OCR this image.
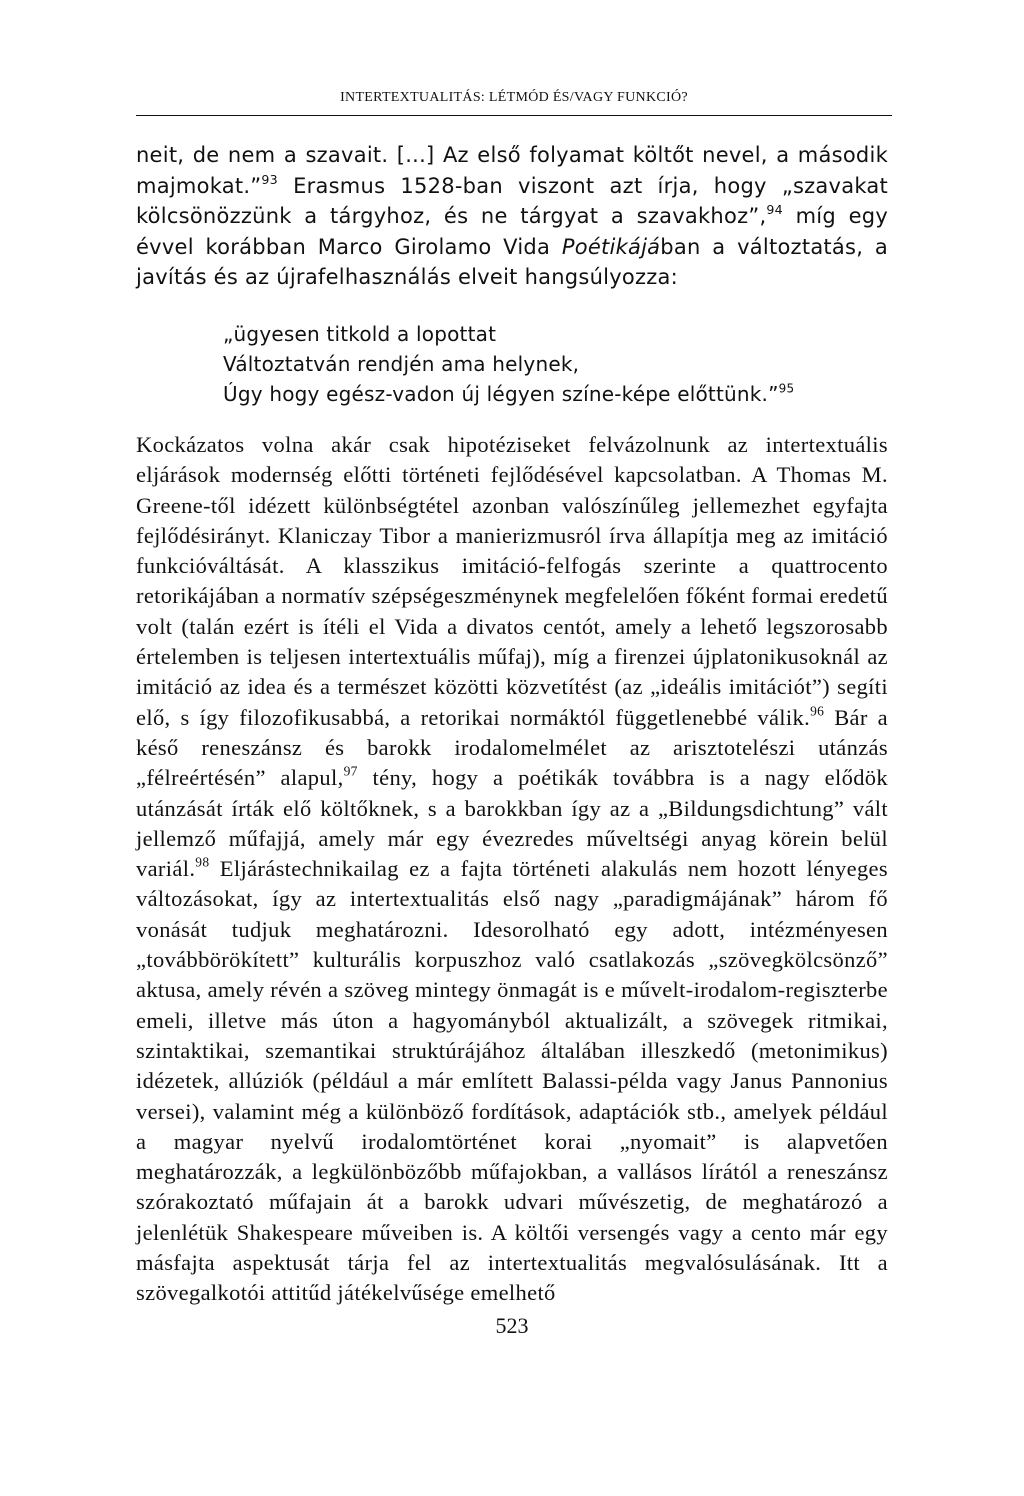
INTERTEXTUALITÁS: LÉTMÓD ÉS/VAGY FUNKCIÓ?

neit, de nem a szavait. [...] Az első folyamat költőt nevel, a második majmokat.”$^{93}$ Erasmus 1528-ban viszont azt írja, hogy „szavakat kölcsönözzünk a tárgyhoz, és ne tárgyat a szavakhoz”,$^{94}$ míg egy évvel korábban Marco Girolamo Vida Poétikájában a változtatás, a javítás és az újrafelhasználás elveit hangsúlyozza:

„ügyesen titkold a lopottat
Változtatván rendjén ama helynek,
Úgy hogy egész-vadon új légyen színe-képe előttünk.”$^{95}$

Kockázatos volna akár csak hipotéziseket felvázolnunk az intertextuális eljárások modernség előtti történeti fejlődésével kapcsolatban. A Thomas M. Greene-től idézett különbségtétel azonban valószínűleg jellemezhet egyfajta fejlődésirányt. Klaniczay Tibor a manierizmusról írva állapítja meg az imitáció funkcióváltását. A klasszikus imitáció-felfogás szerinte a quattrocento retorikájában a normatív szépségeszménynek megfelelően főként formai eredetű volt (talán ezért is ítéli el Vida a divatos centót, amely a lehető legszorosabb értelemben is teljesen intertextuális műfaj), míg a firenzei újplatonikusoknál az imitáció az idea és a természet közötti közvetítést (az „ideális imitációt”) segíti elő, s így filozofikusabbá, a retorikai normáktól függetlenebbé válik.$^{96}$ Bár a késő reneszánsz és barokk irodalomelmélet az arisztotelészi utánzás „félreértésén” alapul,$^{97}$ tény, hogy a poétikák továbbra is a nagy elődök utánzását írták elő költőknek, s a barokkban így az a „Bildungsdichtung” vált jellemző műfajjá, amely már egy évezredes műveltségi anyag körein belül variál.$^{98}$ Eljárástechnikailag ez a fajta történeti alakulás nem hozott lényeges változásokat, így az intertextualitás első nagy „paradigmájának” három fő vonását tudjuk meghatározni. Idesorolható egy adott, intézményesen „továbbörökített” kulturális korpuszhoz való csatlakozás „szövegkölcsönző” aktusa, amely révén a szöveg mintegy önmagát is e művelt-irodalom-regiszterbe emeli, illetve más úton a hagyományból aktualizált, a szövegek ritmikai, szintaktikai, szemantikai struktúrájához általában illeszkedő (metonimikus) idézetek, allúziók (például a már említett Balassi-példa vagy Janus Pannonius versei), valamint még a különböző fordítások, adaptációk stb., amelyek például a magyar nyelvű irodalomtörténet korai „nyomait” is alapvetően meghatározzák, a legkülönbözőbb műfajokban, a vallásos lírától a reneszánsz szórakoztató műfajain át a barokk udvari művészetig, de meghatározó a jelenlétük Shakespeare műveiben is. A költői versengés vagy a cento már egy másfajta aspektusát tárja fel az intertextualitás megvalósulásának. Itt a szövegalkotói attitűd játékelvűsége emelhető

523
